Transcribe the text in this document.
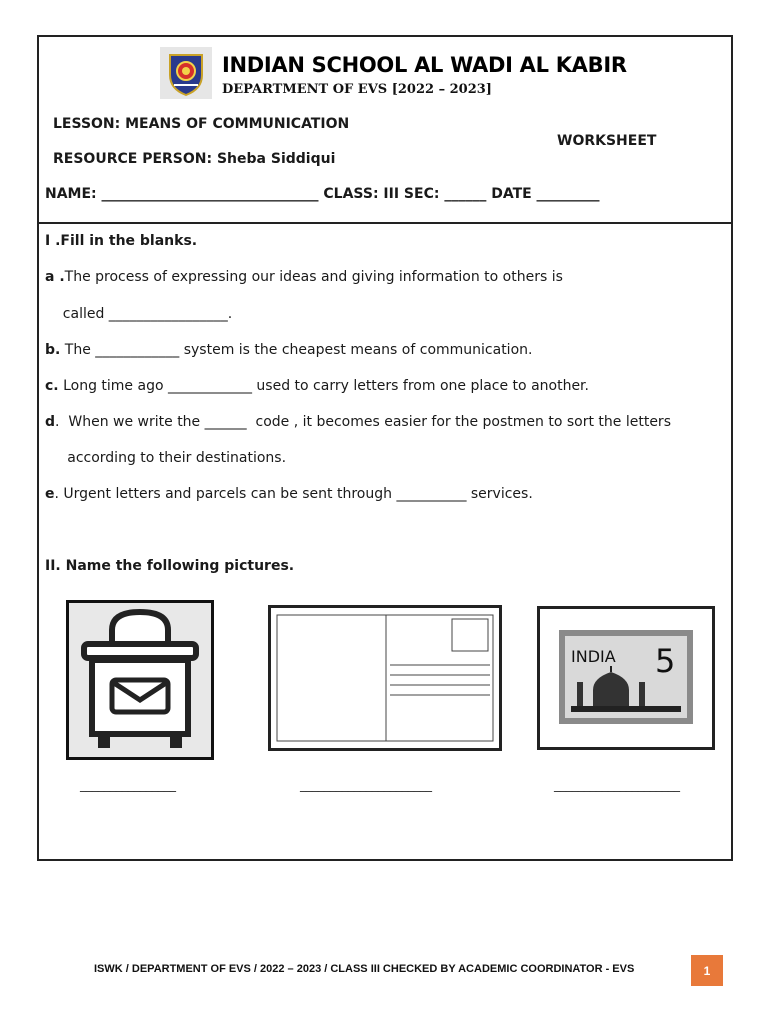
INDIAN SCHOOL AL WADI AL KABIR
DEPARTMENT OF EVS [2022 – 2023]
LESSON: MEANS OF COMMUNICATION
WORKSHEET
RESOURCE PERSON: Sheba Siddiqui
NAME: _______________________________ CLASS: III SEC: ______ DATE _________
I .Fill in the blanks.
a .The process of expressing our ideas and giving information to others is
called _________________.
b. The ____________ system is the cheapest means of communication.
c. Long time ago ____________ used to carry letters from one place to another.
d.  When we write the ______  code , it becomes easier for the postmen to sort the letters
according to their destinations.
e. Urgent letters and parcels can be sent through __________ services.
II. Name the following pictures.
INDIA 5
________________	______________________	_____________________
ISWK / DEPARTMENT OF EVS / 2022 – 2023 / CLASS III CHECKED BY ACADEMIC COORDINATOR - EVS	1
